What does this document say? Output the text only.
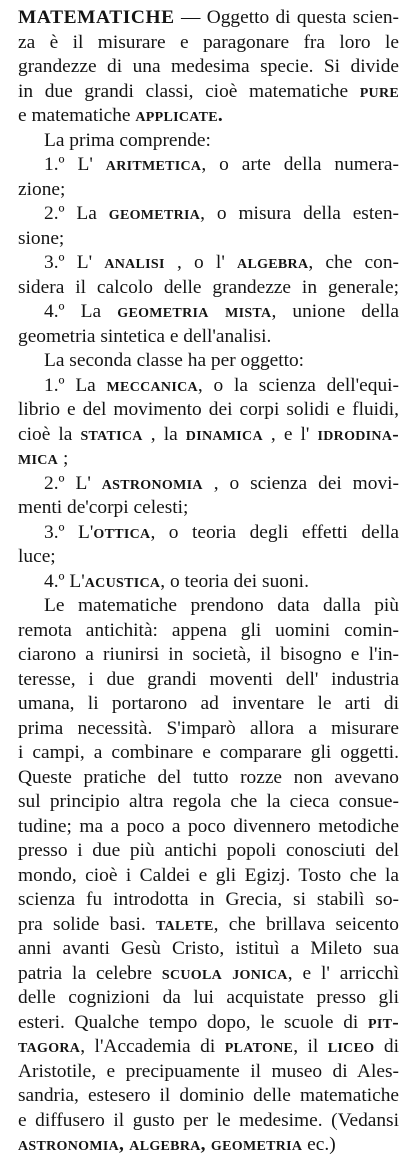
MATEMATICHE — Oggetto di questa scien-
za è il misurare e paragonare fra loro le
grandezze di una medesima specie. Si divide
in due grandi classi, cioè matematiche pure
e matematiche applicate.
La prima comprende:
1.º L' aritmetica, o arte della numera-
zione;
2.º La geometria, o misura della esten-
sione;
3.º L' analisi , o l' algebra, che con-
sidera il calcolo delle grandezze in generale;
4.º La geometria mista, unione della
geometria sintetica e dell'analisi.
La seconda classe ha per oggetto:
1.º La meccanica, o la scienza dell'equi-
librio e del movimento dei corpi solidi e fluidi,
cioè la statica , la dinamica , e l' idrodina-
mica ;
2.º L' astronomia , o scienza dei movi-
menti de'corpi celesti;
3.º L'ottica, o teoria degli effetti della
luce;
4.º L'acustica, o teoria dei suoni.
Le matematiche prendono data dalla più
remota antichità: appena gli uomini comin-
ciarono a riunirsi in società, il bisogno e l'in-
teresse, i due grandi moventi dell' industria
umana, li portarono ad inventare le arti di
prima necessità. S'imparò allora a misurare
i campi, a combinare e comparare gli oggetti.
Queste pratiche del tutto rozze non avevano
sul principio altra regola che la cieca consue-
tudine; ma a poco a poco divennero metodiche
presso i due più antichi popoli conosciuti del
mondo, cioè i Caldei e gli Egizj. Tosto che la
scienza fu introdotta in Grecia, si stabilì so-
pra solide basi. talete, che brillava seicento
anni avanti Gesù Cristo, istituì a Mileto sua
patria la celebre scuola jonica, e l' arricchì
delle cognizioni da lui acquistate presso gli
esteri. Qualche tempo dopo, le scuole di pit-
tagora, l'Accademia di platone, il liceo di
Aristotile, e precipuamente il museo di Ales-
sandria, estesero il dominio delle matematiche
e diffusero il gusto per le medesime. (Vedansi
astronomia, algebra, geometria ec.)
